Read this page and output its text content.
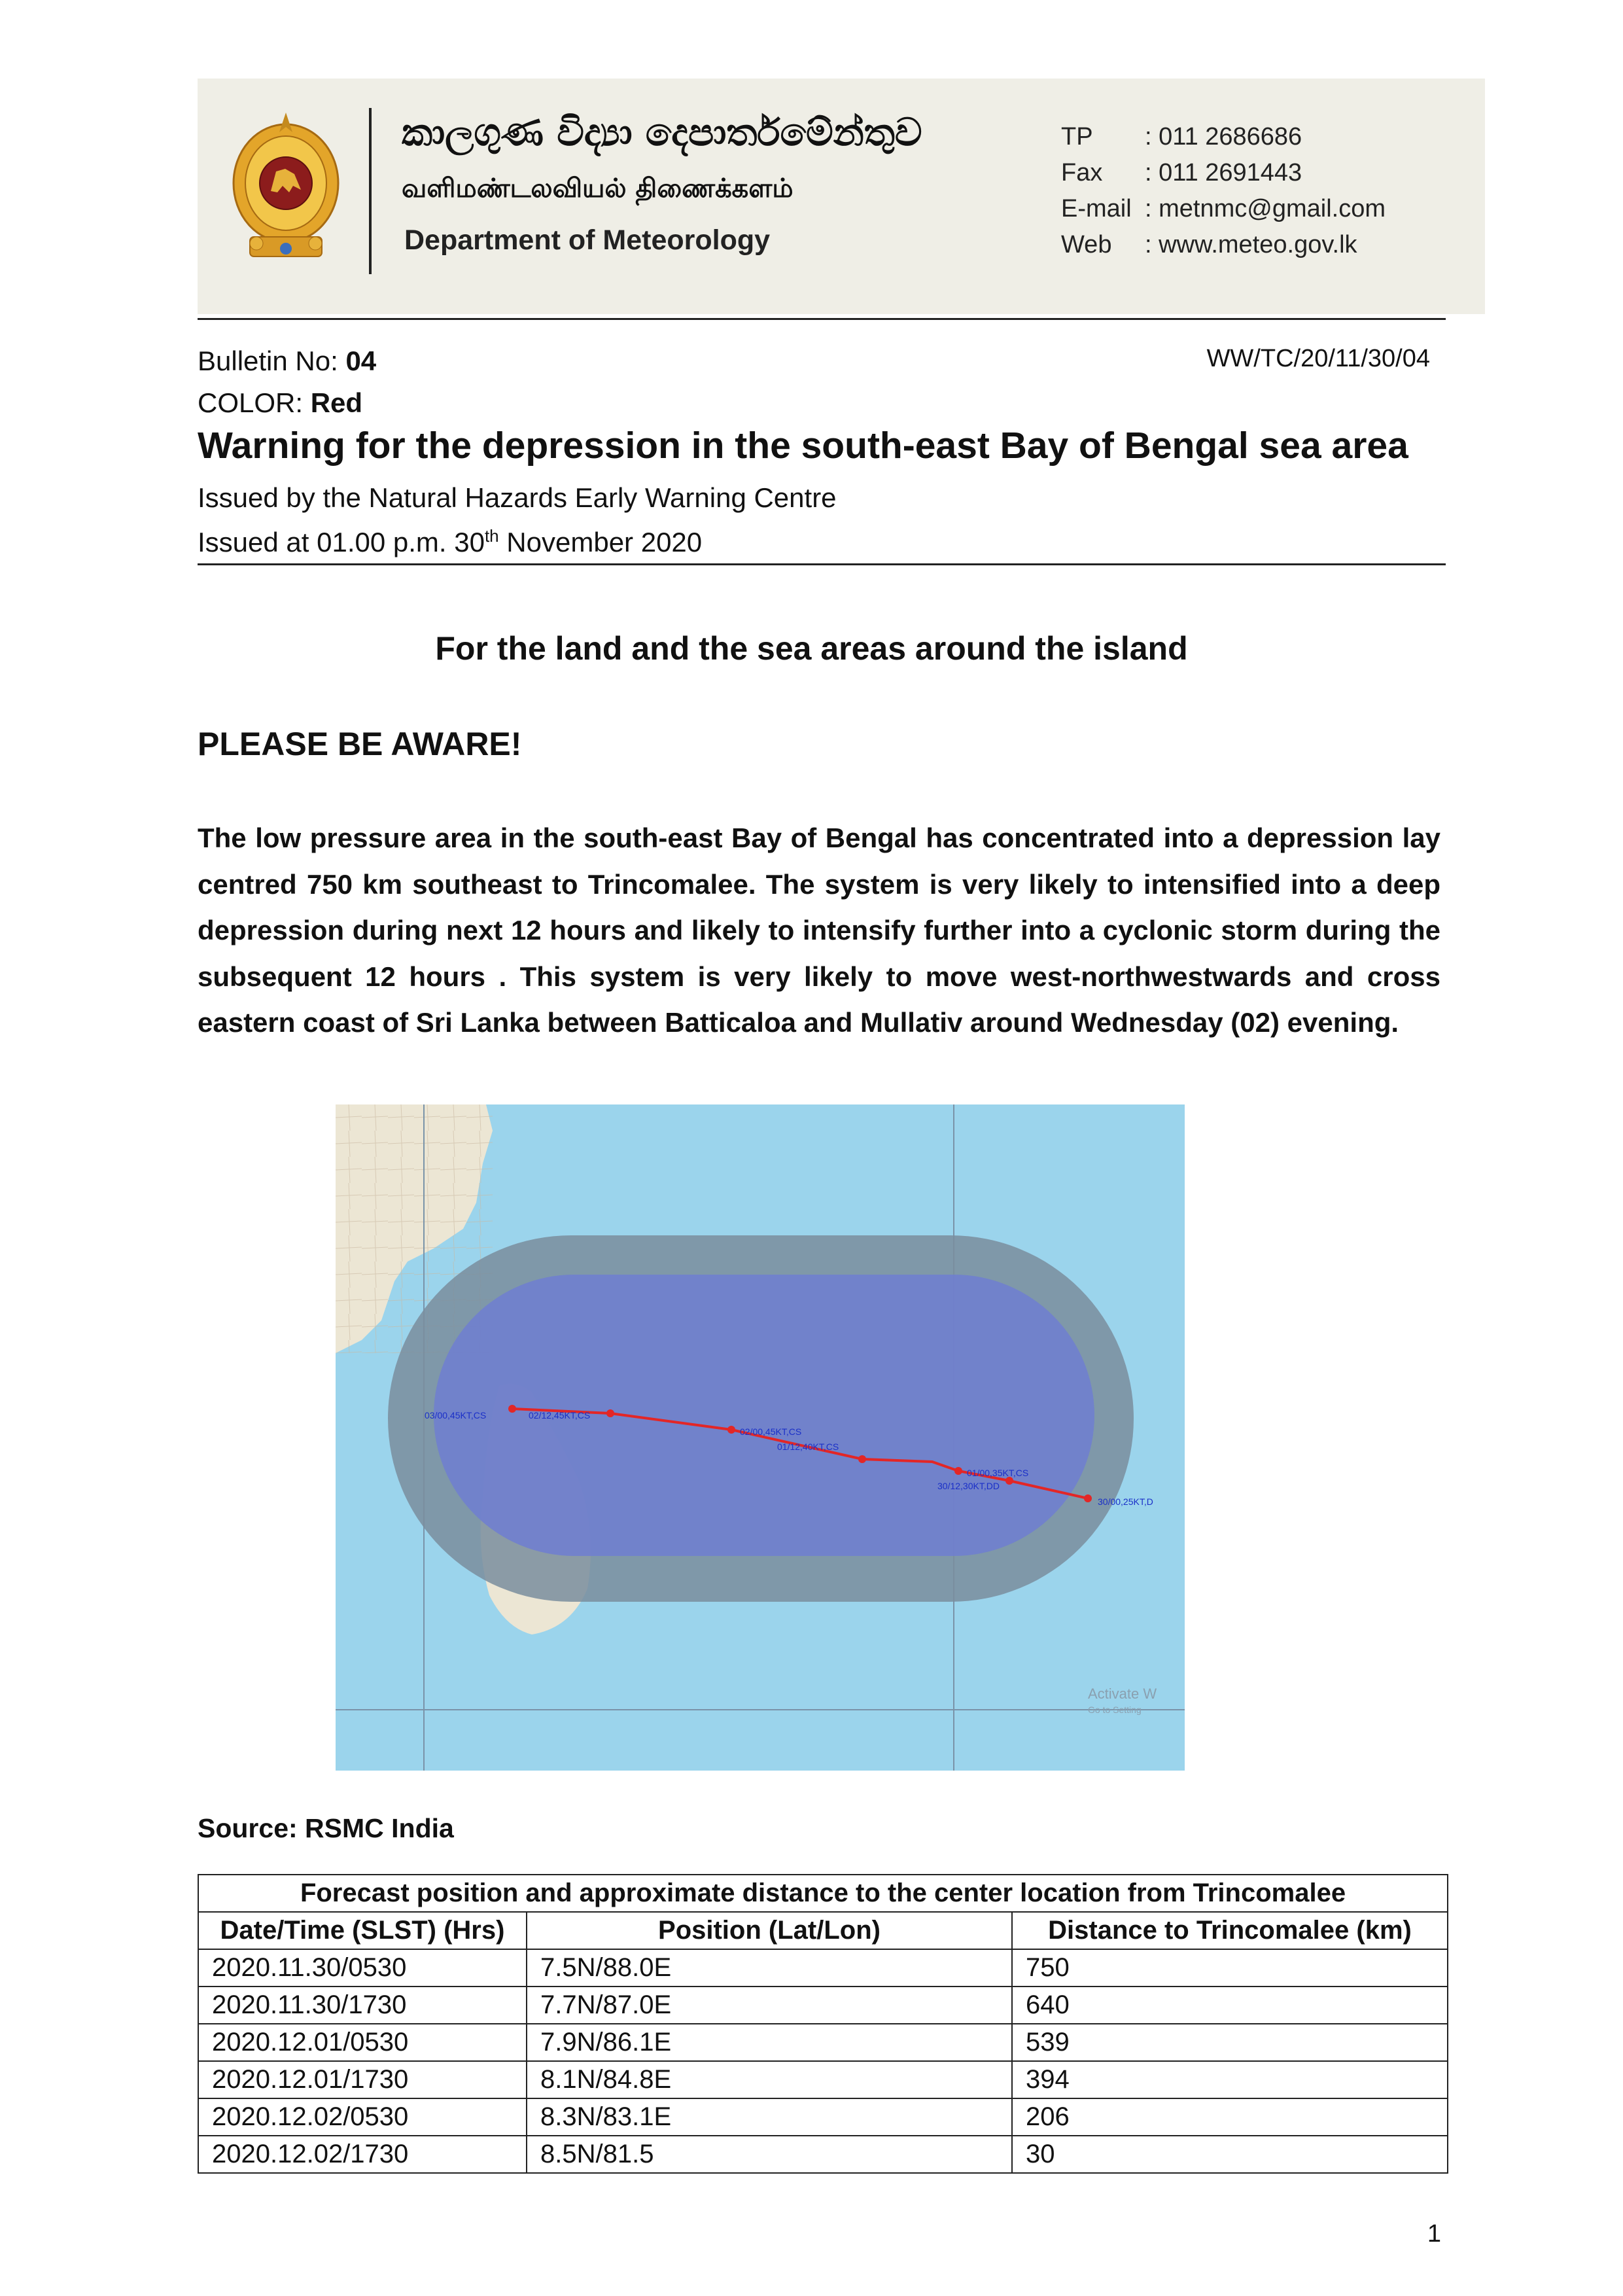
කාලගුණ විද්‍යා දෙපාර්තමේන්තුව
வளிமண்டலவியல் திணைக்களம்
Department of Meteorology
TP	: 011 2686686
Fax	: 011 2691443
E-mail : metnmc@gmail.com
Web	: www.meteo.gov.lk
Bulletin No: 04
COLOR: Red
WW/TC/20/11/30/04
Warning for the depression in the south-east Bay of Bengal sea area
Issued by the Natural Hazards Early Warning Centre
Issued at 01.00 p.m. 30th November 2020
For the land and the sea areas around the island
PLEASE BE AWARE!
The low pressure area in the south-east Bay of Bengal has concentrated into a depression lay centred 750 km southeast to Trincomalee. The system is very likely to intensified into a deep depression during next 12 hours and likely to intensify further into a cyclonic storm during the subsequent 12 hours . This system is very likely to move west-northwestwards and cross eastern coast of Sri Lanka between Batticaloa and Mullativ around Wednesday (02) evening.
03/00,45KT,CS	02/12,45KT,CS
02/00,45KT,CS
01/12,40KT,CS
01/00,35KT,CS
30/12,30KT,DD
30/00,25KT,D
Activate W
Go to Setting
Source: RSMC India
Forecast position and approximate distance to the center location from Trincomalee		
Date/Time (SLST) (Hrs)	Position (Lat/Lon)	Distance to Trincomalee (km)
2020.11.30/0530	7.5N/88.0E	750
2020.11.30/1730	7.7N/87.0E	640
2020.12.01/0530	7.9N/86.1E	539
2020.12.01/1730	8.1N/84.8E	394
2020.12.02/0530	8.3N/83.1E	206
2020.12.02/1730	8.5N/81.5	30
1
